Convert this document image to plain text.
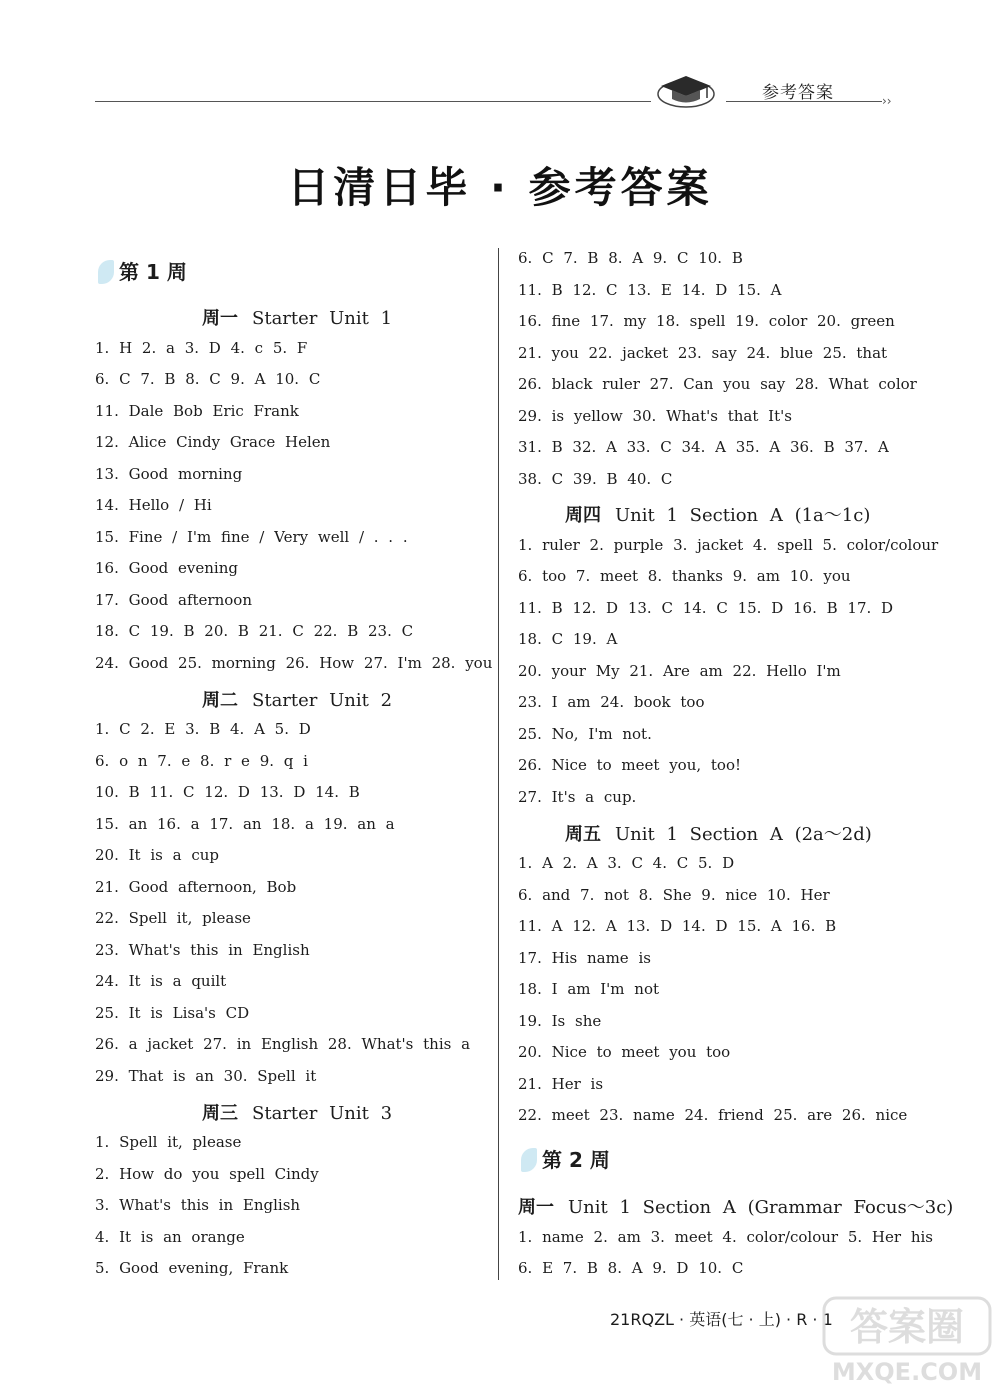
参考答案	››
日清日毕 · 参考答案
第 1 周
周一 Starter Unit 1
1. H 2. a 3. D 4. c 5. F
6. C 7. B 8. C 9. A 10. C
11. Dale Bob Eric Frank
12. Alice Cindy Grace Helen
13. Good morning
14. Hello / Hi
15. Fine / I'm fine / Very well / . . .
16. Good evening
17. Good afternoon
18. C 19. B 20. B 21. C 22. B 23. C
24. Good 25. morning 26. How 27. I'm 28. you
周二 Starter Unit 2
1. C 2. E 3. B 4. A 5. D
6. o n 7. e 8. r e 9. q i
10. B 11. C 12. D 13. D 14. B
15. an 16. a 17. an 18. a 19. an a
20. It is a cup
21. Good afternoon, Bob
22. Spell it, please
23. What's this in English
24. It is a quilt
25. It is Lisa's CD
26. a jacket 27. in English 28. What's this a
29. That is an 30. Spell it
周三 Starter Unit 3
1. Spell it, please
2. How do you spell Cindy
3. What's this in English
4. It is an orange
5. Good evening, Frank
6. C 7. B 8. A 9. C 10. B
11. B 12. C 13. E 14. D 15. A
16. fine 17. my 18. spell 19. color 20. green
21. you 22. jacket 23. say 24. blue 25. that
26. black ruler 27. Can you say 28. What color
29. is yellow 30. What's that It's
31. B 32. A 33. C 34. A 35. A 36. B 37. A
38. C 39. B 40. C
周四 Unit 1 Section A (1a～1c)
1. ruler 2. purple 3. jacket 4. spell 5. color/colour
6. too 7. meet 8. thanks 9. am 10. you
11. B 12. D 13. C 14. C 15. D 16. B 17. D
18. C 19. A
20. your My 21. Are am 22. Hello I'm
23. I am 24. book too
25. No, I'm not.
26. Nice to meet you, too!
27. It's a cup.
周五 Unit 1 Section A (2a～2d)
1. A 2. A 3. C 4. C 5. D
6. and 7. not 8. She 9. nice 10. Her
11. A 12. A 13. D 14. D 15. A 16. B
17. His name is
18. I am I'm not
19. Is she
20. Nice to meet you too
21. Her is
22. meet 23. name 24. friend 25. are 26. nice
第 2 周
周一 Unit 1 Section A (Grammar Focus～3c)
1. name 2. am 3. meet 4. color/colour 5. Her his
6. E 7. B 8. A 9. D 10. C
21RQZL · 英语(七 · 上) · R · 1 答案圈
MXQE.COM
